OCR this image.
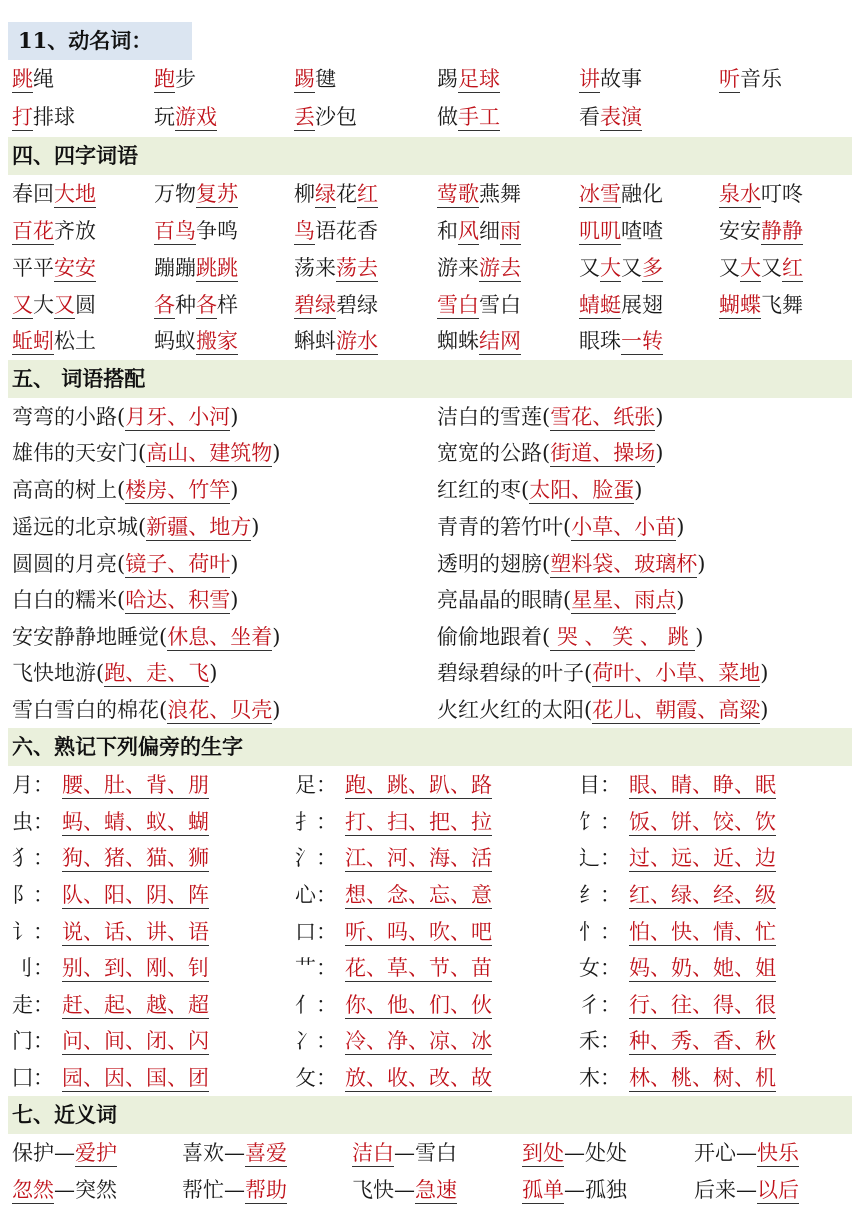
11、动名词：
跳绳	跑步	踢毽	踢足球	讲故事	听音乐
打排球	玩游戏	丢沙包	做手工	看表演
四、四字词语
春回大地	万物复苏	柳绿花红	莺歌燕舞	冰雪融化	泉水叮咚
百花齐放	百鸟争鸣	鸟语花香	和风细雨	叽叽喳喳	安安静静
平平安安	蹦蹦跳跳	荡来荡去	游来游去	又大又多	又大又红
又大又圆	各种各样	碧绿碧绿	雪白雪白	蜻蜓展翅	蝴蝶飞舞
蚯蚓松土	蚂蚁搬家	蝌蚪游水	蜘蛛结网	眼珠一转
五、 词语搭配
弯弯的小路(月牙、小河)	洁白的雪莲(雪花、纸张)
雄伟的天安门(高山、建筑物)	宽宽的公路(街道、操场)
高高的树上(楼房、竹竿)	红红的枣(太阳、脸蛋)
遥远的北京城(新疆、地方)	青青的箬竹叶(小草、小苗)
圆圆的月亮(镜子、荷叶)	透明的翅膀(塑料袋、玻璃杯)
白白的糯米(哈达、积雪)	亮晶晶的眼睛(星星、雨点)
安安静静地睡觉(休息、坐着)	偷偷地跟着( 哭 、 笑 、 跳 )
飞快地游(跑、走、飞)	碧绿碧绿的叶子(荷叶、小草、菜地)
雪白雪白的棉花(浪花、贝壳)	火红火红的太阳(花儿、朝霞、高粱)
六、熟记下列偏旁的生字
月： 腰、肚、背、朋	足： 跑、跳、趴、路	目： 眼、睛、睁、眠
虫： 蚂、蜻、蚁、蝴	扌： 打、扫、把、拉	饣： 饭、饼、饺、饮
犭： 狗、猪、猫、狮	氵： 江、河、海、活	辶： 过、远、近、边
阝： 队、阳、阴、阵	心： 想、念、忘、意	纟： 红、绿、经、级
讠： 说、话、讲、语	口： 听、吗、吹、吧	忄： 怕、快、情、忙
刂： 别、到、刚、钊	艹： 花、草、节、苗	女： 妈、奶、她、姐
走： 赶、起、越、超	亻： 你、他、们、伙	彳： 行、往、得、很
门： 问、间、闭、闪	冫： 冷、净、凉、冰	禾： 种、秀、香、秋
囗： 园、因、国、团	攵： 放、收、改、故	木： 林、桃、树、机
七、近义词
保护—爱护	喜欢—喜爱	洁白—雪白	到处—处处	开心—快乐
忽然—突然	帮忙—帮助	飞快—急速	孤单—孤独	后来—以后
